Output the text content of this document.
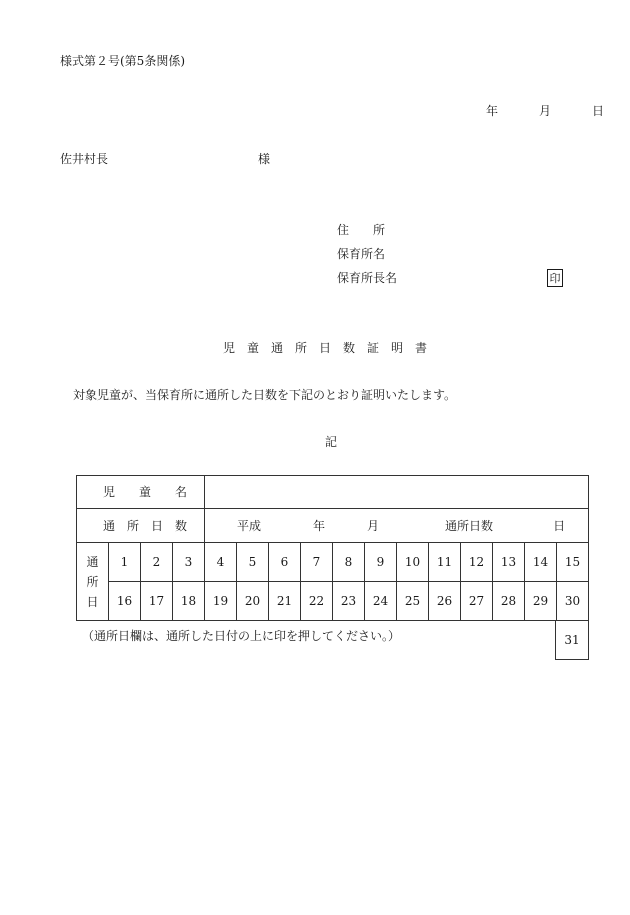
様式第２号(第5条関係)
年	月	日
佐井村長	様
住　　所
保育所名
保育所長名	印
児　童　通　所　日　数　証　明　書
対象児童が、当保育所に通所した日数を下記のとおり証明いたします。
記
児　　童　　名															
通　所　日　数				平成 年 月 通所日数 日											

通
所
日	1	2	3	4	5	6	7	8	9	10	11	12	13	14	15
	16	17	18	19	20	21	22	23	24	25	26	27	28	29	30
31
（通所日欄は、通所した日付の上に印を押してください。）
